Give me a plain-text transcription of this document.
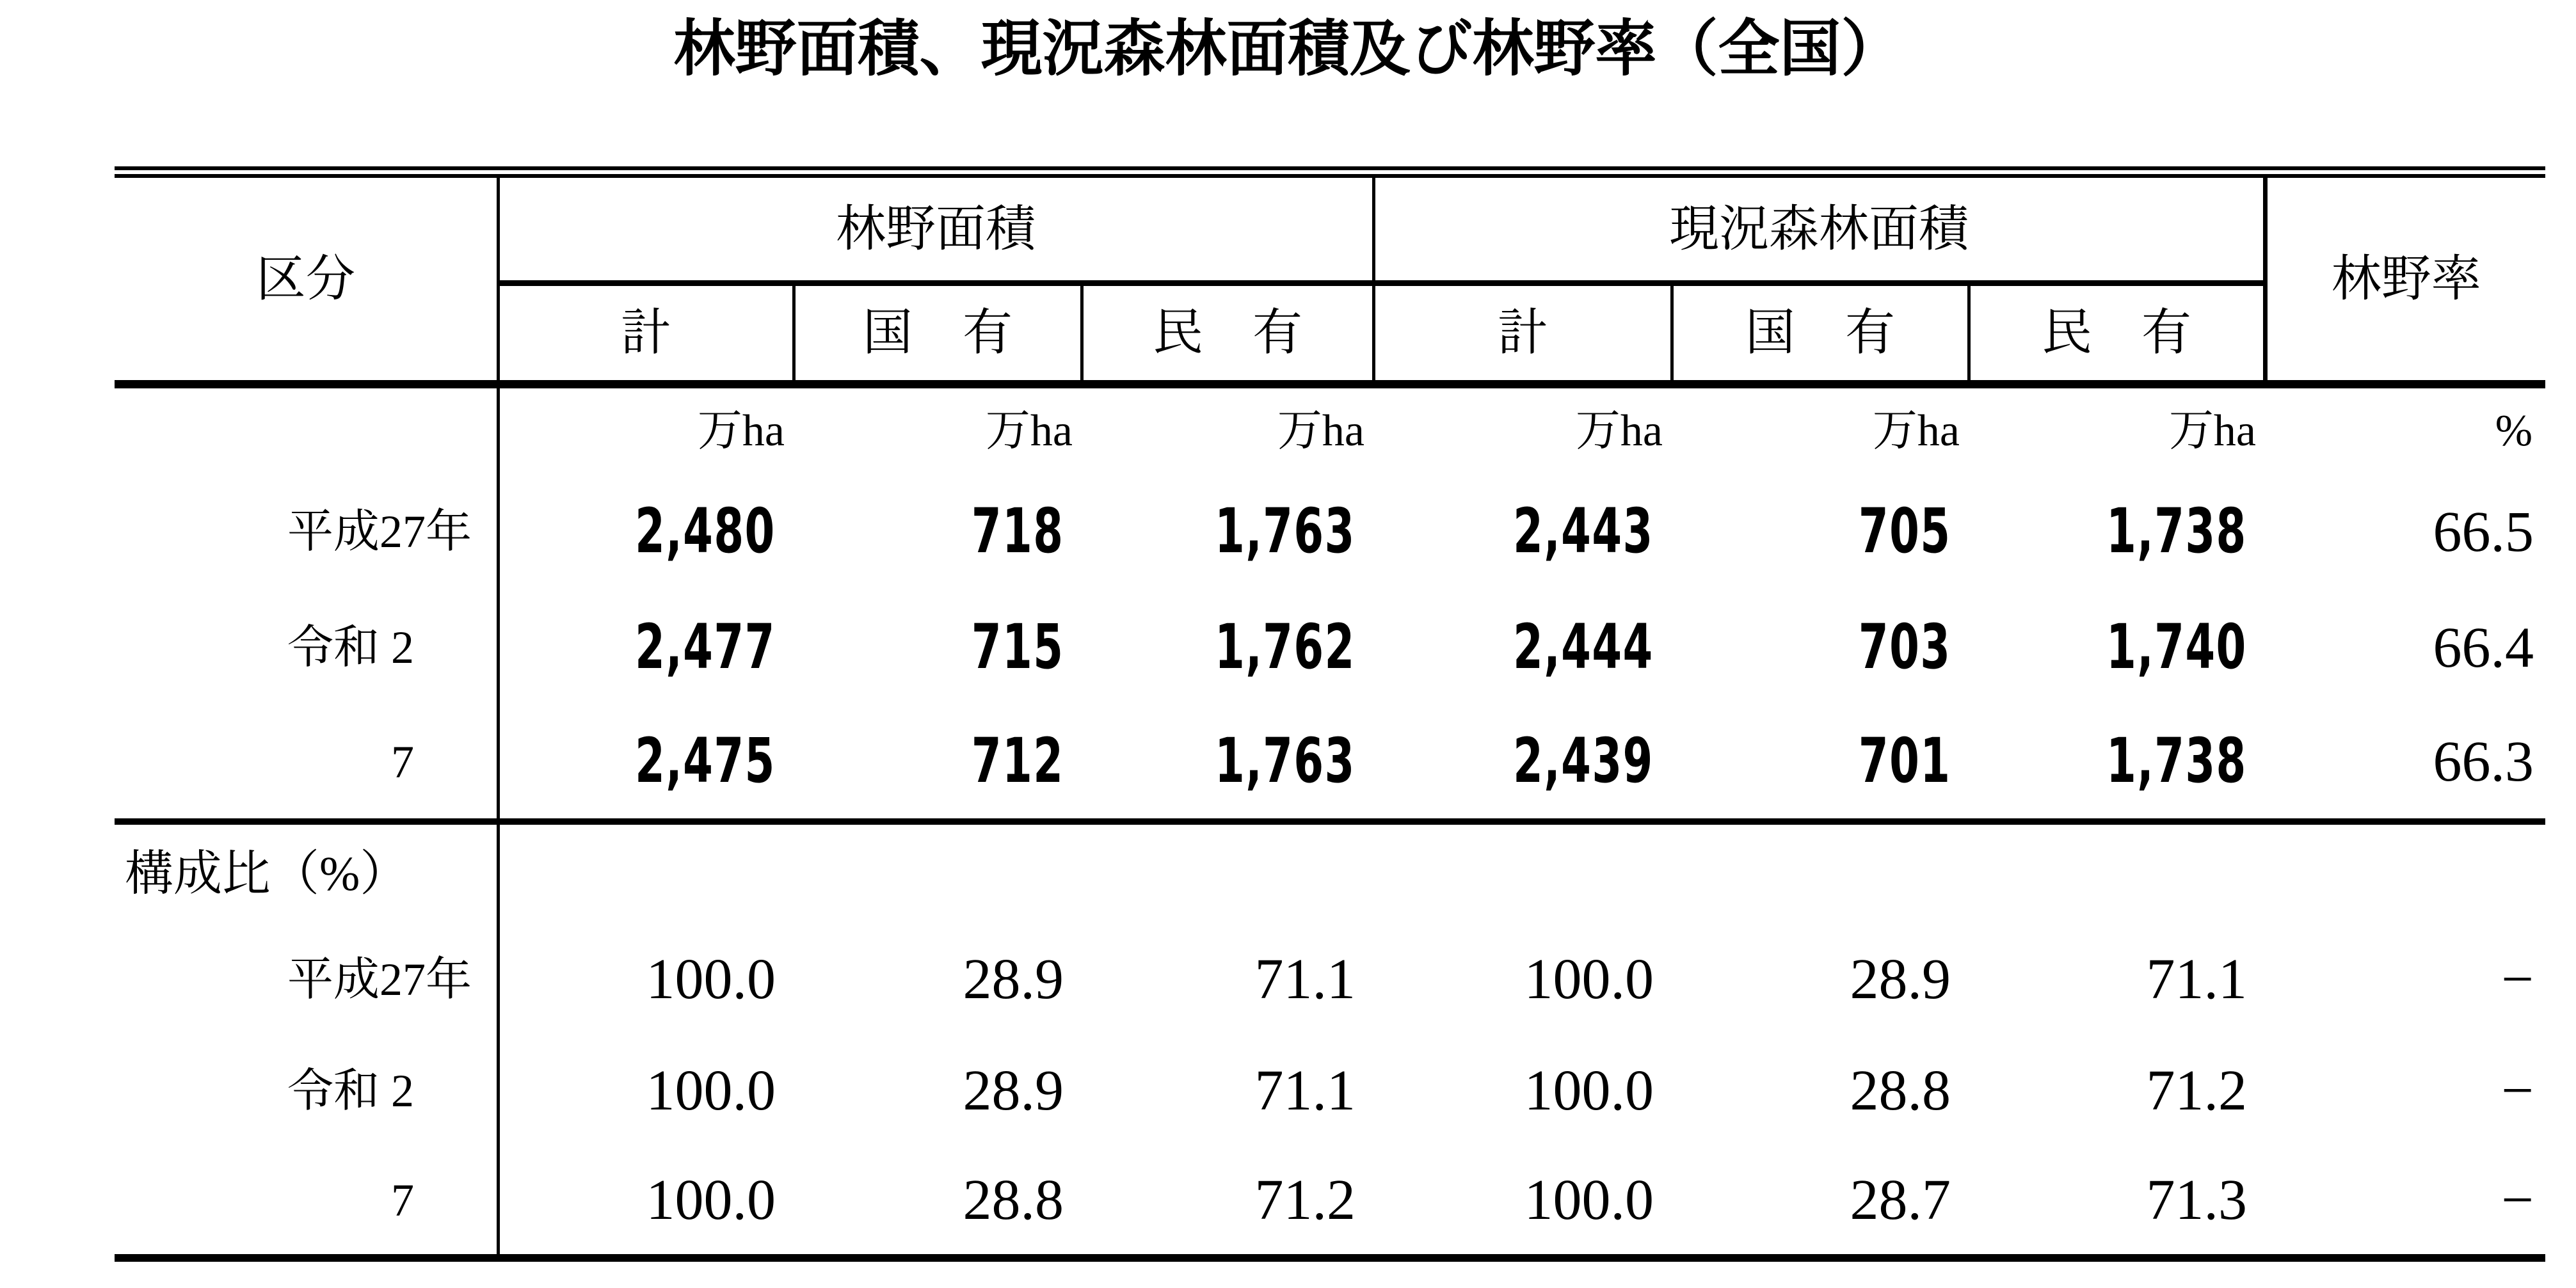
林野面積、現況森林面積及び林野率（全国）
区分	林野面積			現況森林面積			林野率
	計	国　有	民　有	計	国　有	民　有	
	万ha	万ha	万ha	万ha	万ha	万ha	%
平成27年	2,480	718	1,763	2,443	705	1,738	66.5
令和 2	2,477	715	1,762	2,444	703	1,740	66.4
　　 7	2,475	712	1,763	2,439	701	1,738	66.3
構成比（%）							
平成27年	100.0	28.9	71.1	100.0	28.9	71.1	−
令和 2	100.0	28.9	71.1	100.0	28.8	71.2	−
　　 7	100.0	28.8	71.2	100.0	28.7	71.3	−
